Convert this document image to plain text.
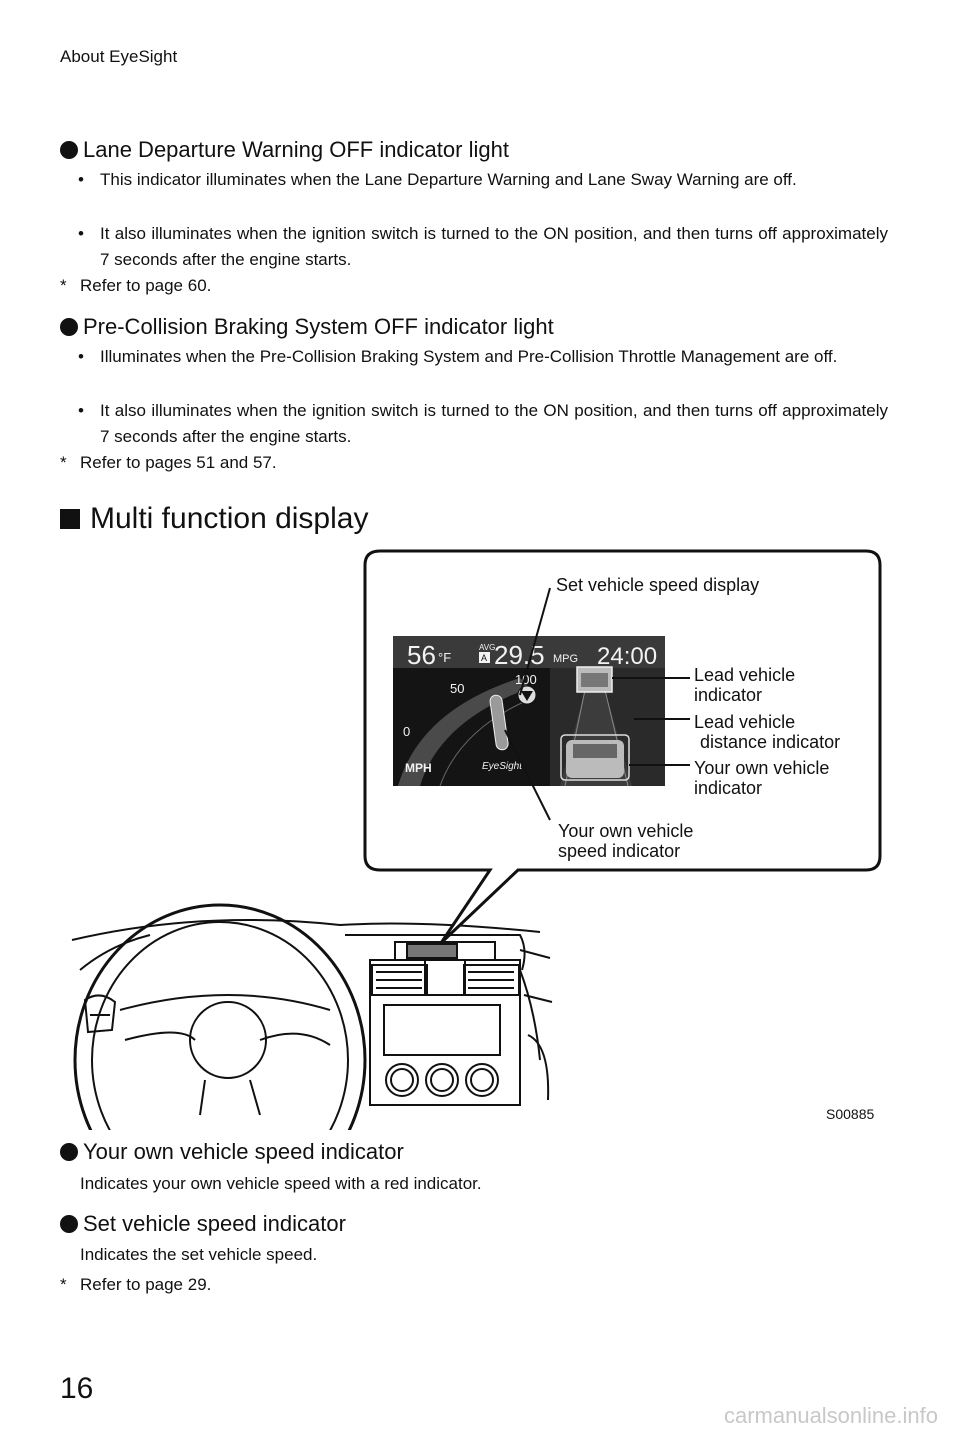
About EyeSight
Lane Departure Warning OFF indicator light
• This indicator illuminates when the Lane Departure Warning and Lane Sway Warning are off.
• It also illuminates when the ignition switch is turned to the ON position, and then turns off approximately 7 seconds after the engine starts.
* Refer to page 60.
Pre-Collision Braking System OFF indicator light
• Illuminates when the Pre-Collision Braking System and Pre-Collision Throttle Management are off.
• It also illuminates when the ignition switch is turned to the ON position, and then turns off approximately 7 seconds after the engine starts.
* Refer to pages 51 and 57.
Multi function display
56 °F
AVG
A 29.5 MPG 24:00
0
50
100
MPH	EyeSight
Set vehicle speed display
Lead vehicle
indicator
Lead vehicle
distance indicator
Your own vehicle
indicator
Your own vehicle
speed indicator
S00885
Your own vehicle speed indicator
Indicates your own vehicle speed with a red indicator.
Set vehicle speed indicator
Indicates the set vehicle speed.
* Refer to page 29.
16
carmanualsonline.info
